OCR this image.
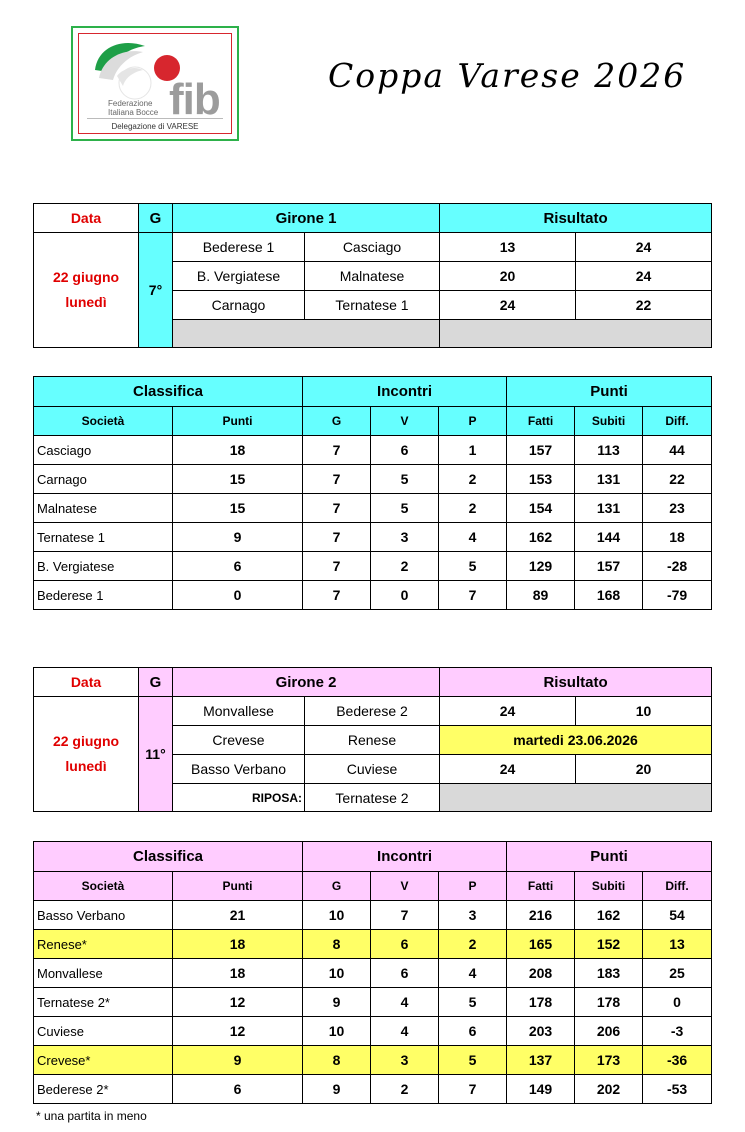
Federazione
Italiana Bocce fib
Delegazione di VARESE
Coppa Varese 2026
Data	G	Girone 1		Risultato	

22 giugno
lunedì	7°	Bederese 1	Casciago	13	24
		B. Vergiatese	Malnatese	20	24
		Carnago	Ternatese 1	24	22

Classifica		Incontri			Punti		
Società	Punti	G	V	P	Fatti	Subiti	Diff.
Casciago	18	7	6	1	157	113	44
Carnago	15	7	5	2	153	131	22
Malnatese	15	7	5	2	154	131	23
Ternatese 1	9	7	3	4	162	144	18
B. Vergiatese	6	7	2	5	129	157	-28
Bederese 1	0	7	0	7	89	168	-79
Data	G	Girone 2		Risultato	

22 giugno
lunedì	11°	Monvallese	Bederese 2	24	10
		Crevese	Renese	martedi 23.06.2026	
		Basso Verbano	Cuviese	24	20
		RIPOSA:	Ternatese 2		
Classifica		Incontri			Punti		
Società	Punti	G	V	P	Fatti	Subiti	Diff.
Basso Verbano	21	10	7	3	216	162	54
Renese*	18	8	6	2	165	152	13
Monvallese	18	10	6	4	208	183	25
Ternatese 2*	12	9	4	5	178	178	0
Cuviese	12	10	4	6	203	206	-3
Crevese*	9	8	3	5	137	173	-36
Bederese 2*	6	9	2	7	149	202	-53
* una partita in meno
